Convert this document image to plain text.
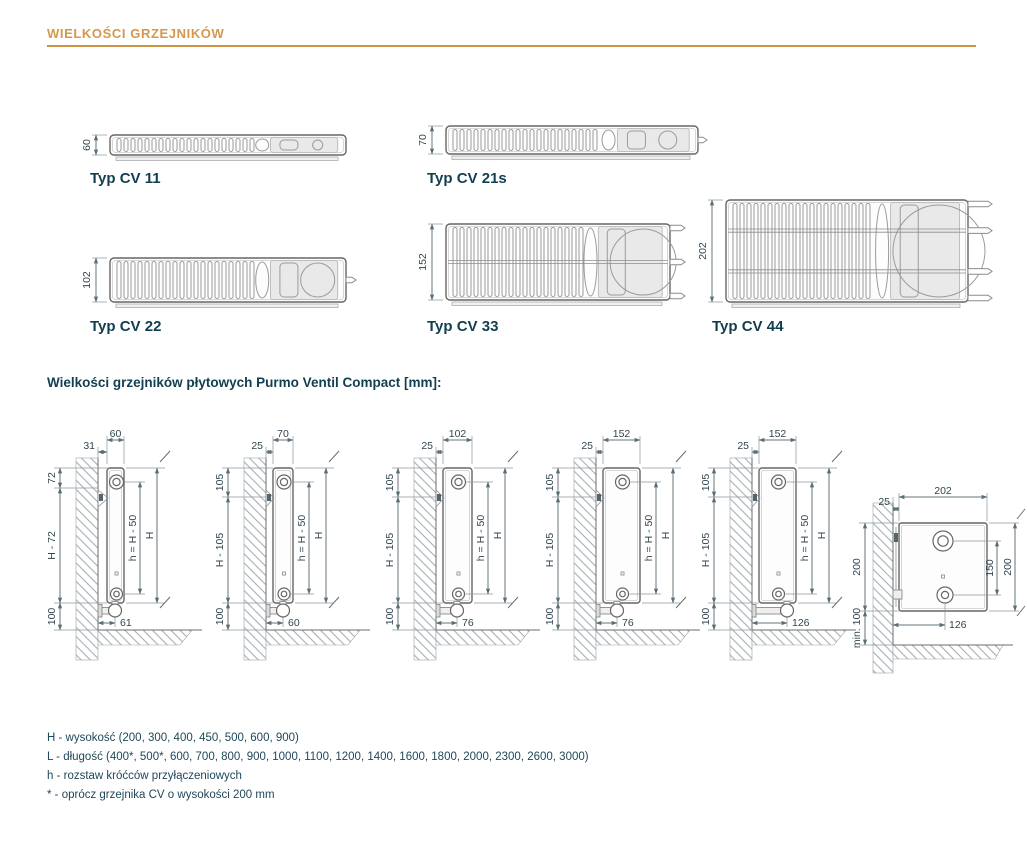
WIELKOŚCI GRZEJNIKÓW
60	70
102
152
202
Typ CV 11	Typ CV 21s
Typ CV 22	Typ CV 33	Typ CV 44
Wielkości grzejników płytowych Purmo Ventil Compact [mm]:
60
31
72
H - 72
100
h = H - 50 H
61
70
25
105
H - 105
100
h = H - 50 H
60
102
25
105
H - 105
100
h = H - 50 H
76
152
25
105
H - 105
100
h = H - 50 H
76
152
25
105
H - 105
100
h = H - 50 H
126
202
25
200
min. 100
150 200
126
H - wysokość (200, 300, 400, 450, 500, 600, 900)
L - długość (400*, 500*, 600, 700, 800, 900, 1000, 1100, 1200, 1400, 1600, 1800, 2000, 2300, 2600, 3000)
h - rozstaw króćców przyłączeniowych
* - oprócz grzejnika CV o wysokości 200 mm
